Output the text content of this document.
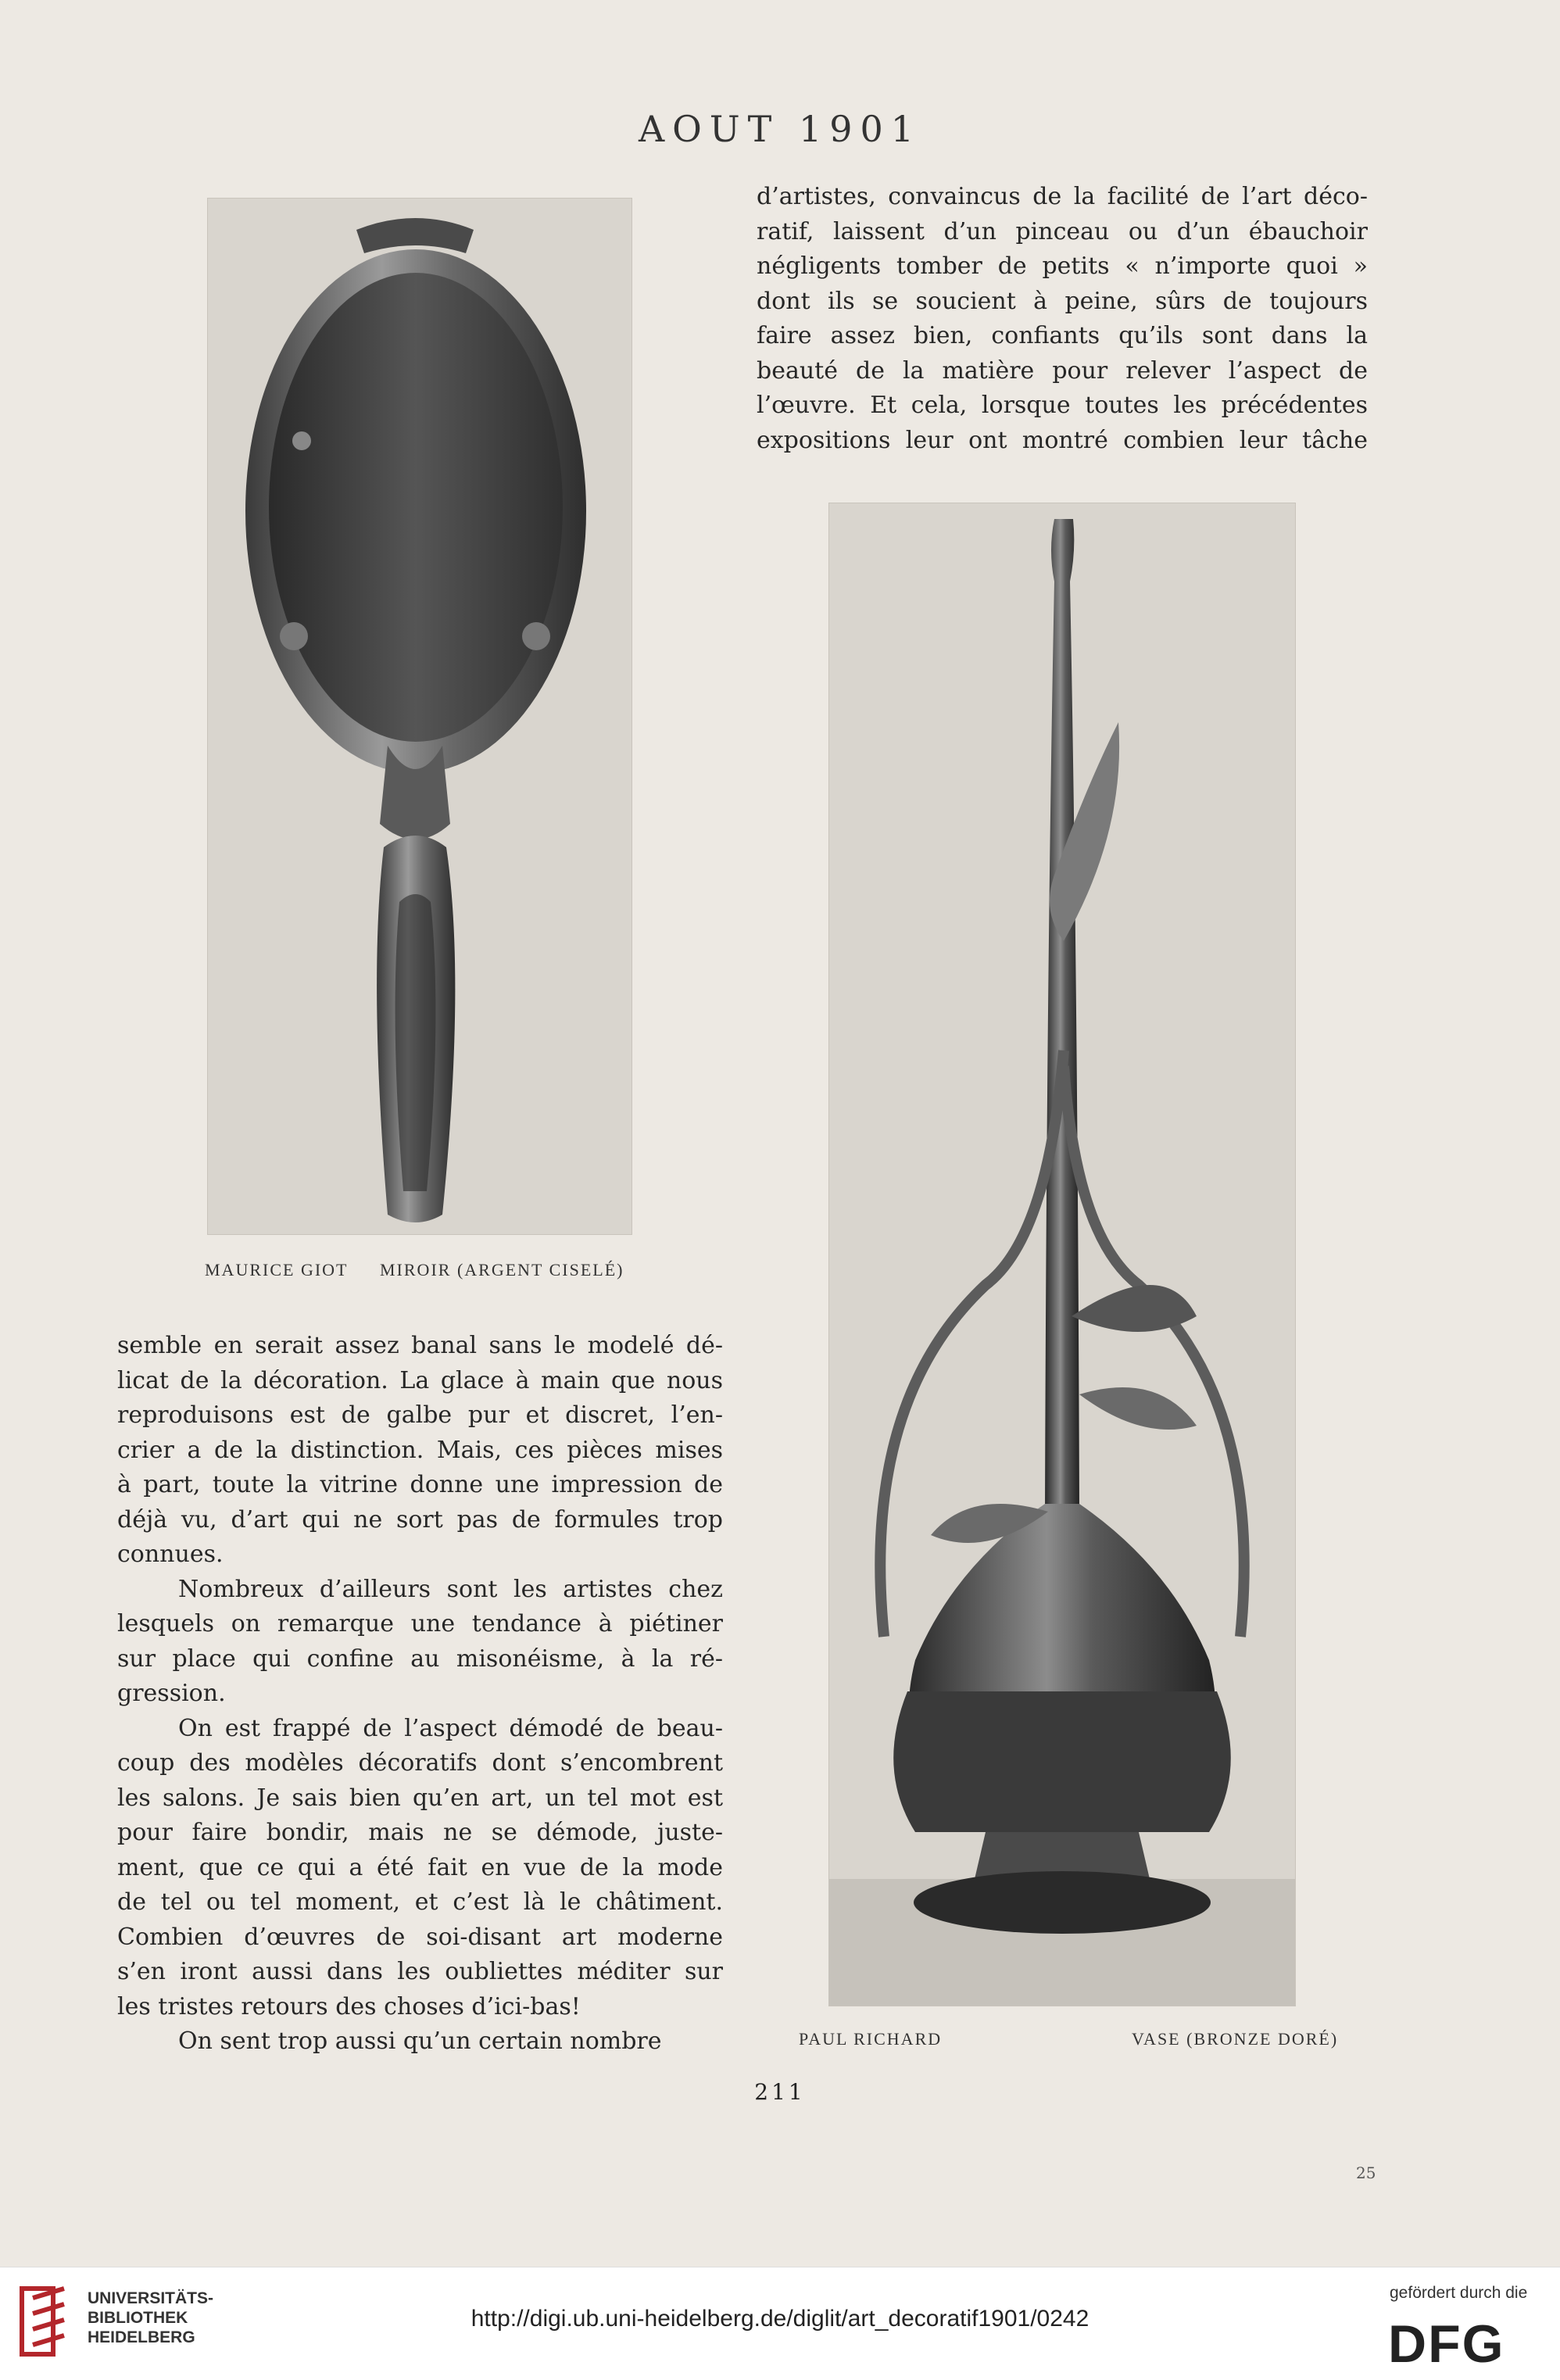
AOUT 1901

d’artistes, convaincus de la facilité de l’art déco-

ratif, laissent d’un pinceau ou d’un ébauchoir

négligents tomber de petits « n’importe quoi »

dont ils se soucient à peine, sûrs de toujours

faire assez bien, confiants qu’ils sont dans la

beauté de la matière pour relever l’aspect de

l’œuvre. Et cela, lorsque toutes les précédentes

expositions leur ont montré combien leur tâche

MAURICE GIOT MIROIR (ARGENT CISELÉ)

semble en serait assez banal sans le modelé dé-

licat de la décoration. La glace à main que nous

reproduisons est de galbe pur et discret, l’en-

crier a de la distinction. Mais, ces pièces mises

à part, toute la vitrine donne une impression de

déjà vu, d’art qui ne sort pas de formules trop

connues.

Nombreux d’ailleurs sont les artistes chez

lesquels on remarque une tendance à piétiner

sur place qui confine au misonéisme, à la ré-

gression.

On est frappé de l’aspect démodé de beau-

coup des modèles décoratifs dont s’encombrent

les salons. Je sais bien qu’en art, un tel mot est

pour faire bondir, mais ne se démode, juste-

ment, que ce qui a été fait en vue de la mode

de tel ou tel moment, et c’est là le châtiment.

Combien d’œuvres de soi-disant art moderne

s’en iront aussi dans les oubliettes méditer sur

les tristes retours des choses d’ici-bas!

On sent trop aussi qu’un certain nombre	PAUL RICHARD	VASE (BRONZE DORÉ)
211
25
UNIVERSITÄTS-
BIBLIOTHEK
HEIDELBERG
http://digi.ub.uni-heidelberg.de/diglit/art_decoratif1901/0242
gefördert durch die
DFG
